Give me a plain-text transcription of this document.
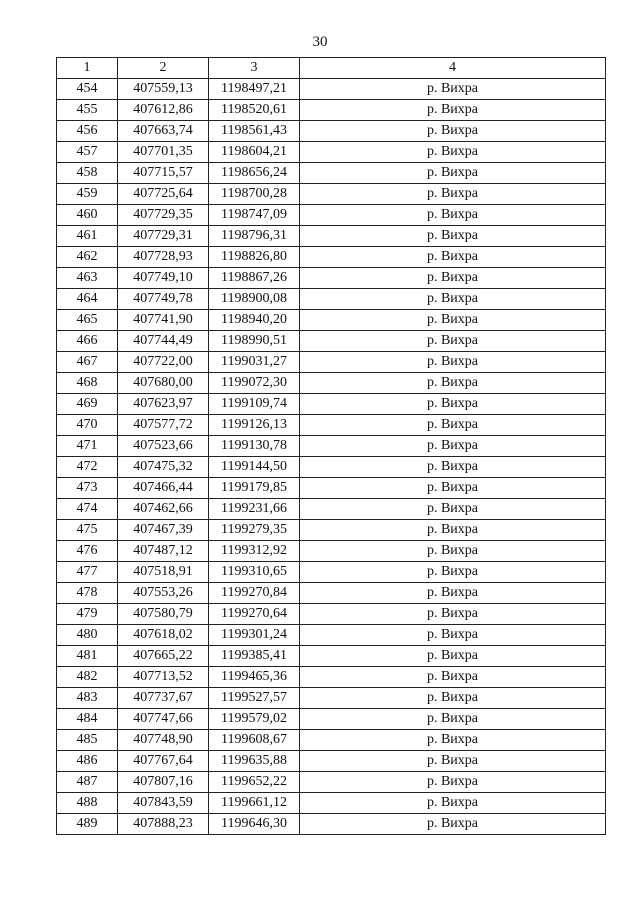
30
1	2	3	4
454	407559,13	1198497,21	р. Вихра
455	407612,86	1198520,61	р. Вихра
456	407663,74	1198561,43	р. Вихра
457	407701,35	1198604,21	р. Вихра
458	407715,57	1198656,24	р. Вихра
459	407725,64	1198700,28	р. Вихра
460	407729,35	1198747,09	р. Вихра
461	407729,31	1198796,31	р. Вихра
462	407728,93	1198826,80	р. Вихра
463	407749,10	1198867,26	р. Вихра
464	407749,78	1198900,08	р. Вихра
465	407741,90	1198940,20	р. Вихра
466	407744,49	1198990,51	р. Вихра
467	407722,00	1199031,27	р. Вихра
468	407680,00	1199072,30	р. Вихра
469	407623,97	1199109,74	р. Вихра
470	407577,72	1199126,13	р. Вихра
471	407523,66	1199130,78	р. Вихра
472	407475,32	1199144,50	р. Вихра
473	407466,44	1199179,85	р. Вихра
474	407462,66	1199231,66	р. Вихра
475	407467,39	1199279,35	р. Вихра
476	407487,12	1199312,92	р. Вихра
477	407518,91	1199310,65	р. Вихра
478	407553,26	1199270,84	р. Вихра
479	407580,79	1199270,64	р. Вихра
480	407618,02	1199301,24	р. Вихра
481	407665,22	1199385,41	р. Вихра
482	407713,52	1199465,36	р. Вихра
483	407737,67	1199527,57	р. Вихра
484	407747,66	1199579,02	р. Вихра
485	407748,90	1199608,67	р. Вихра
486	407767,64	1199635,88	р. Вихра
487	407807,16	1199652,22	р. Вихра
488	407843,59	1199661,12	р. Вихра
489	407888,23	1199646,30	р. Вихра
